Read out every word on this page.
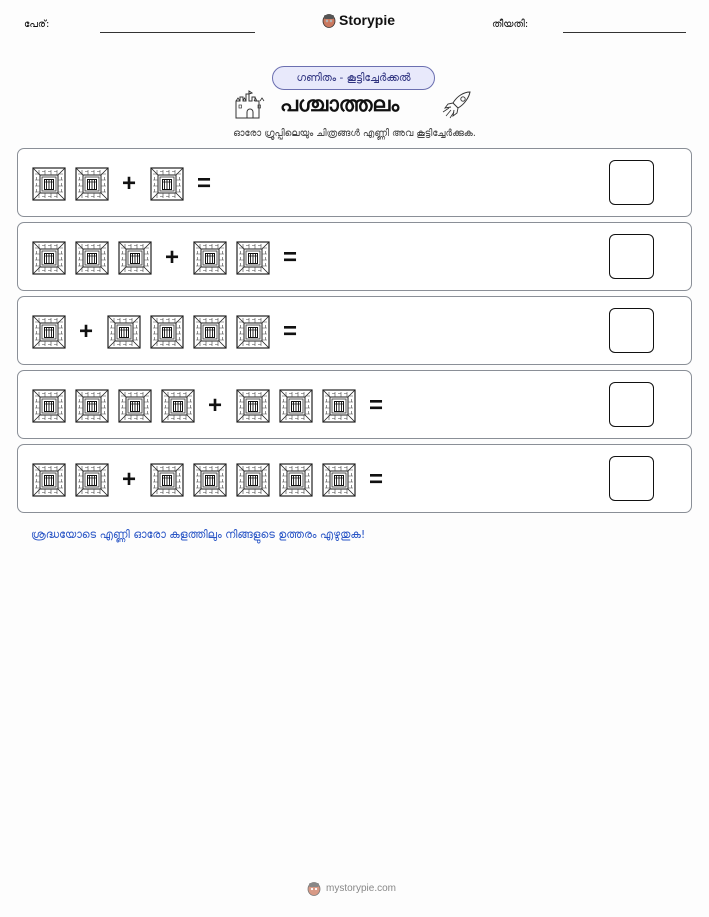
പേര്:	Storypie	തീയതി:
ഗണിതം - കൂട്ടിച്ചേർക്കൽ
പശ്ചാത്തലം
ഓരോ ഗ്രൂപ്പിലെയും ചിത്രങ്ങൾ എണ്ണി അവ കൂട്ടിച്ചേർക്കുക.
+	=
+	=
+	=
+	=
+	=
ശ്രദ്ധയോടെ എണ്ണി ഓരോ കളത്തിലും നിങ്ങളുടെ ഉത്തരം എഴുതുക!
mystorypie.com
